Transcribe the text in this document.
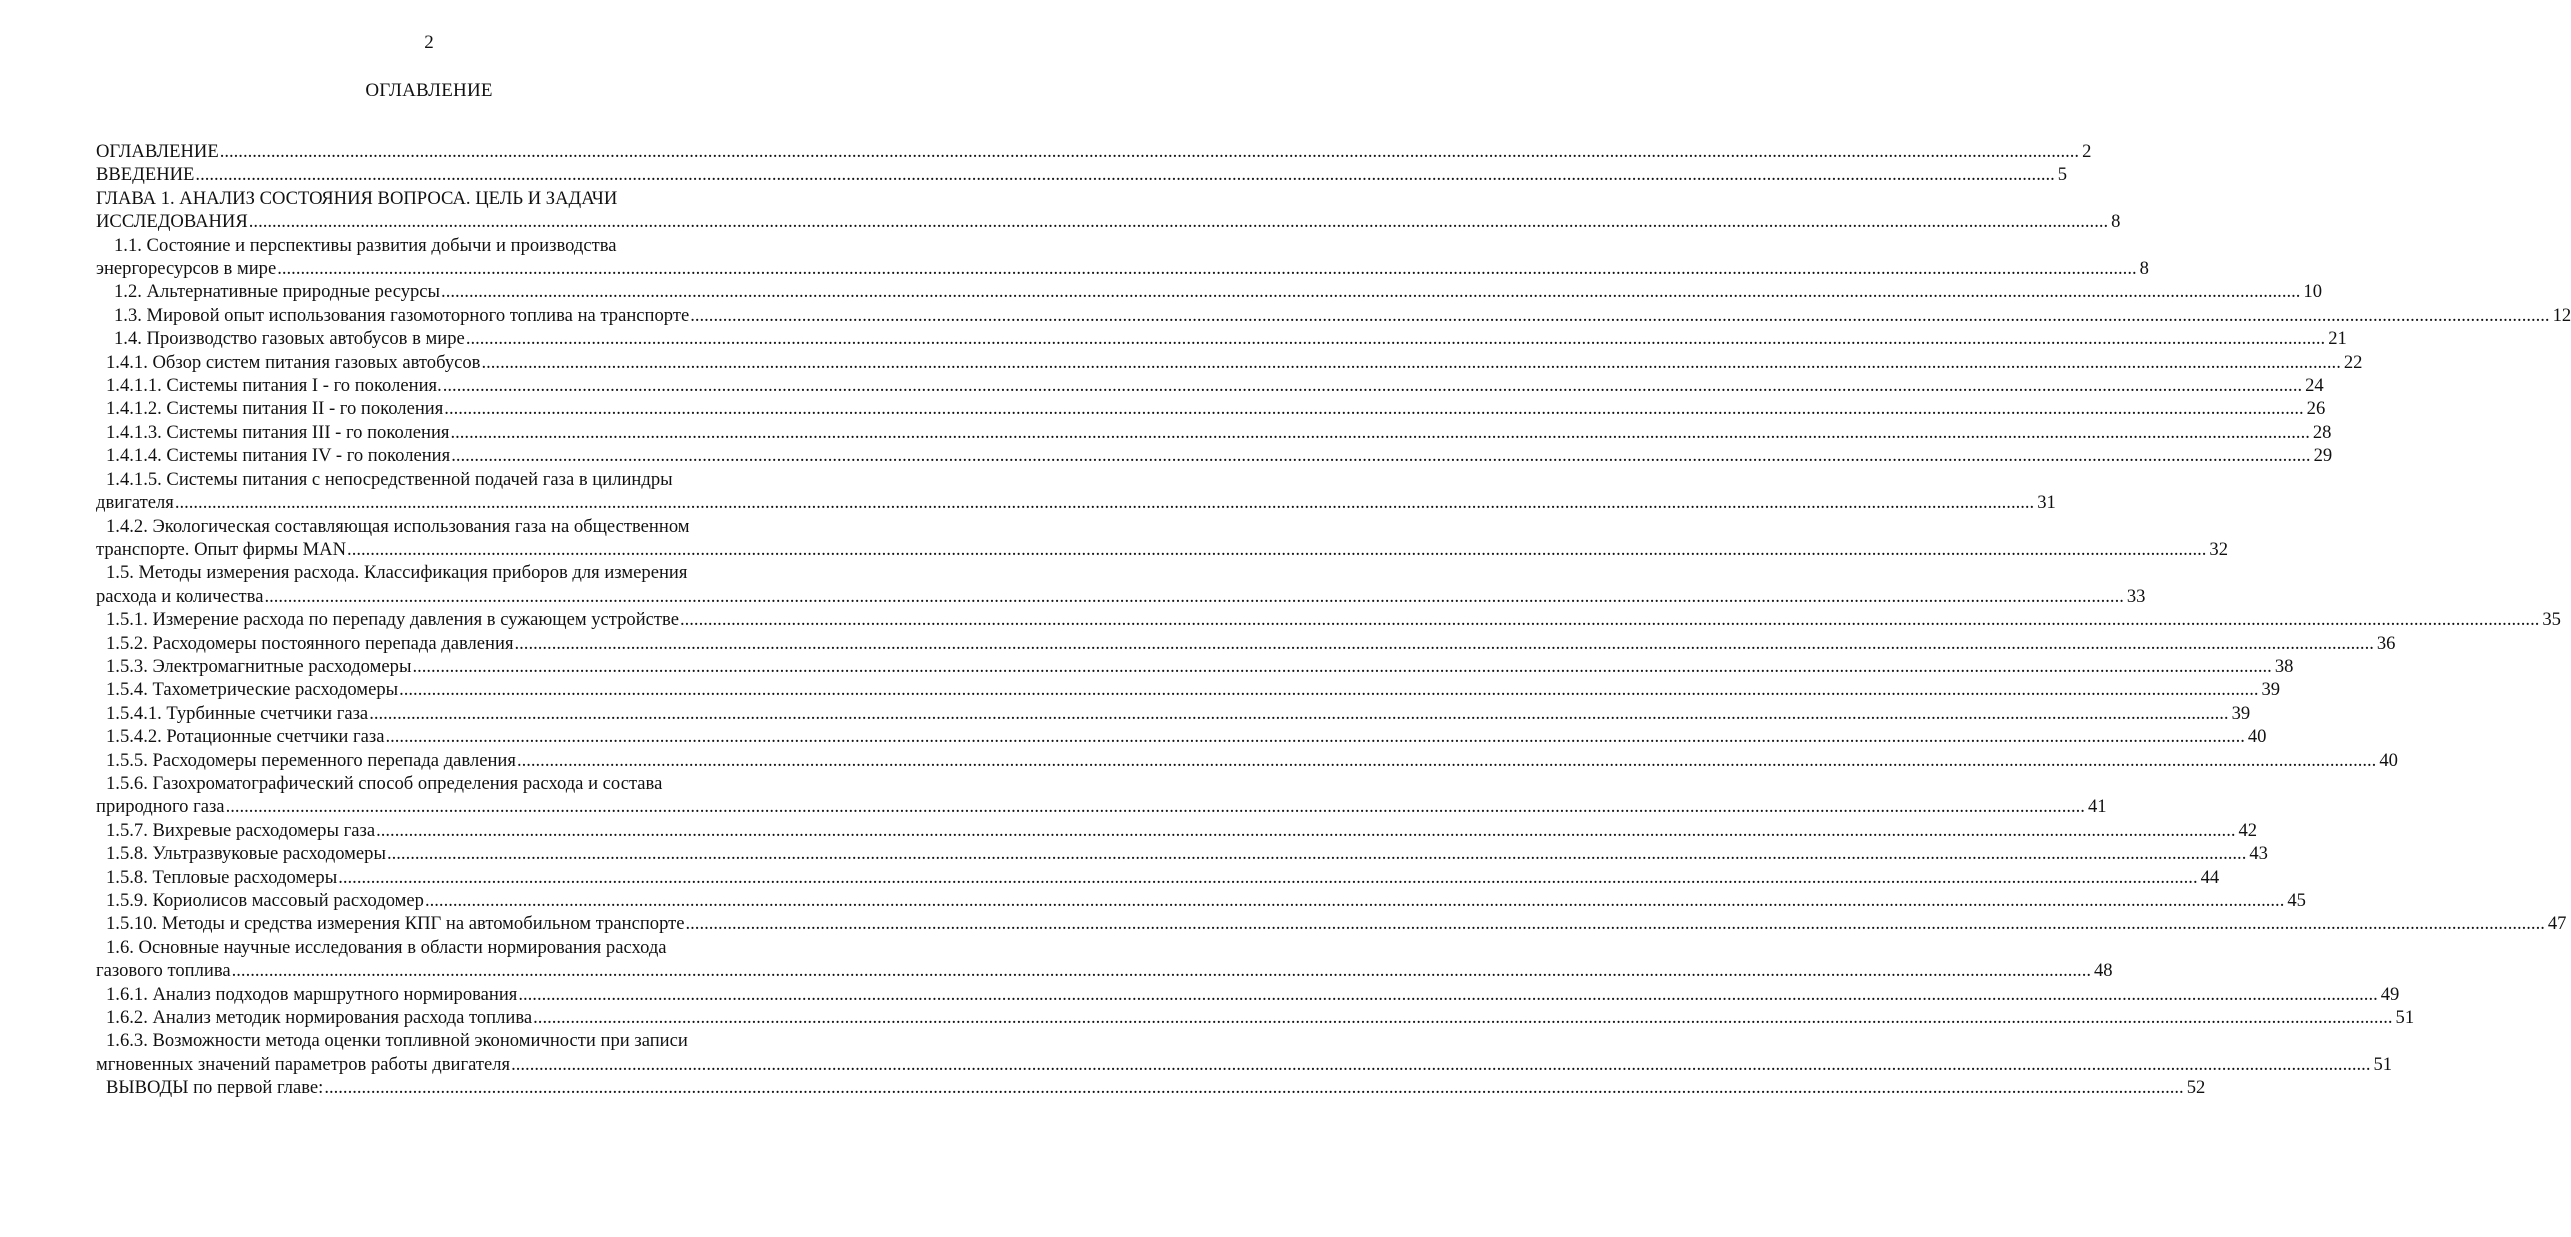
2
ОГЛАВЛЕНИЕ
ОГЛАВЛЕНИЕ ................................................................................................................................................................................................................................................................................................................................................................................................................ 2
ВВЕДЕНИЕ ................................................................................................................................................................................................................................................................................................................................................................................................................ 5
ГЛАВА 1. АНАЛИЗ СОСТОЯНИЯ ВОПРОСА. ЦЕЛЬ И ЗАДАЧИ
ИССЛЕДОВАНИЯ ................................................................................................................................................................................................................................................................................................................................................................................................................ 8
1.1. Состояние и перспективы развития добычи и производства
энергоресурсов в мире ................................................................................................................................................................................................................................................................................................................................................................................................................ 8
1.2. Альтернативные природные ресурсы ................................................................................................................................................................................................................................................................................................................................................................................................................ 10
1.3. Мировой опыт использования газомоторного топлива на транспорте ................................................................................................................................................................................................................................................................................................................................................................................................................ 12
1.4. Производство газовых автобусов в мире ................................................................................................................................................................................................................................................................................................................................................................................................................ 21
1.4.1. Обзор систем питания газовых автобусов ................................................................................................................................................................................................................................................................................................................................................................................................................ 22
1.4.1.1. Системы питания I - го поколения. ................................................................................................................................................................................................................................................................................................................................................................................................................ 24
1.4.1.2. Системы питания II - го поколения ................................................................................................................................................................................................................................................................................................................................................................................................................ 26
1.4.1.3. Системы питания III - го поколения ................................................................................................................................................................................................................................................................................................................................................................................................................ 28
1.4.1.4. Системы питания IV - го поколения ................................................................................................................................................................................................................................................................................................................................................................................................................ 29
1.4.1.5. Системы питания с непосредственной подачей газа в цилиндры
двигателя ................................................................................................................................................................................................................................................................................................................................................................................................................ 31
1.4.2. Экологическая составляющая использования газа на общественном
транспорте. Опыт фирмы MAN ................................................................................................................................................................................................................................................................................................................................................................................................................ 32
1.5. Методы измерения расхода. Классификация приборов для измерения
расхода и количества ................................................................................................................................................................................................................................................................................................................................................................................................................ 33
1.5.1. Измерение расхода по перепаду давления в сужающем устройстве ................................................................................................................................................................................................................................................................................................................................................................................................................ 35
1.5.2. Расходомеры постоянного перепада давления ................................................................................................................................................................................................................................................................................................................................................................................................................ 36
1.5.3. Электромагнитные расходомеры ................................................................................................................................................................................................................................................................................................................................................................................................................ 38
1.5.4. Тахометрические расходомеры ................................................................................................................................................................................................................................................................................................................................................................................................................ 39
1.5.4.1. Турбинные счетчики газа ................................................................................................................................................................................................................................................................................................................................................................................................................ 39
1.5.4.2. Ротационные счетчики газа ................................................................................................................................................................................................................................................................................................................................................................................................................ 40
1.5.5. Расходомеры переменного перепада давления ................................................................................................................................................................................................................................................................................................................................................................................................................ 40
1.5.6. Газохроматографический способ определения расхода и состава
природного газа ................................................................................................................................................................................................................................................................................................................................................................................................................ 41
1.5.7. Вихревые расходомеры газа ................................................................................................................................................................................................................................................................................................................................................................................................................ 42
1.5.8. Ультразвуковые расходомеры ................................................................................................................................................................................................................................................................................................................................................................................................................ 43
1.5.8. Тепловые расходомеры ................................................................................................................................................................................................................................................................................................................................................................................................................ 44
1.5.9. Кориолисов массовый расходомер ................................................................................................................................................................................................................................................................................................................................................................................................................ 45
1.5.10. Методы и средства измерения КПГ на автомобильном транспорте ................................................................................................................................................................................................................................................................................................................................................................................................................ 47
1.6. Основные научные исследования в области нормирования расхода
газового топлива ................................................................................................................................................................................................................................................................................................................................................................................................................ 48
1.6.1. Анализ подходов маршрутного нормирования ................................................................................................................................................................................................................................................................................................................................................................................................................ 49
1.6.2. Анализ методик нормирования расхода топлива ................................................................................................................................................................................................................................................................................................................................................................................................................ 51
1.6.3. Возможности метода оценки топливной экономичности при записи
мгновенных значений параметров работы двигателя ................................................................................................................................................................................................................................................................................................................................................................................................................ 51
ВЫВОДЫ по первой главе: ................................................................................................................................................................................................................................................................................................................................................................................................................ 52
